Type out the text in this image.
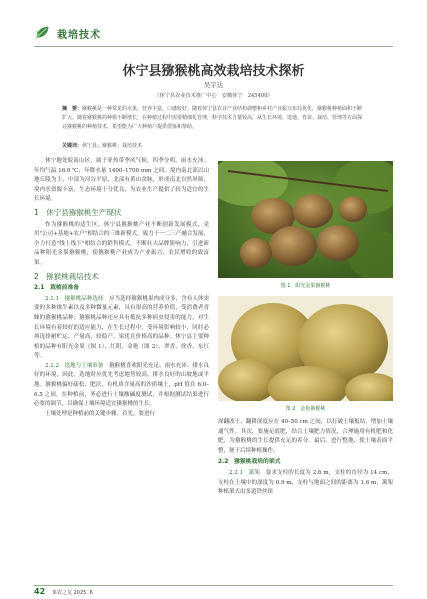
栽培技术
休宁县猕猴桃高效栽培技术探析
吴宇达
（休宁县农业技术推广中心　安徽休宁　245400）
摘　要：猕猴桃是一种常见的水果，营养丰富，口感较好。随着休宁县农业产业结构调整和乡村产业振兴布局优化，猕猴桃种植面积不断扩大。随着猕猴桃的种植不断增长，在种植过程中需要精细化管理，科学技术含量较高，从生长环境、选地、育苗、栽培、管理等方面探讨猕猴桃的种植技术，希望能为广大种植户提供借鉴和帮助。
关键词：休宁县；猕猴桃；栽培技术

休宁地处皖南山区，属于亚热带季风气候，四季分明，雨水充沛。年均气温 16.0 ℃，年降水量 1400–1700 mm 之间。境内南北部以山地丘陵为主，中部为河谷平原，北部有黄山余脉，形成南北自然屏障，境内水资源丰富，生态环境十分优良，为农业生产提供了较为适宜的生长环境。

1　休宁县猕猴桃生产现状

作为猕猴桃的适生区，休宁县猕猴桃产业不断创新发展模式，采用"公司+基地+农户"相结合的三维新模式，致力于一二三产融合发展，全力打造"线上线下"相结合的销售模式，不断壮大品牌影响力，引进新品种阳光金果猕猴桃，使猕猴桃产业成为产业振兴、农民增收的致富果。

2　猕猴桃栽培技术
2.1　栽植前准备

2.1.1　猕猴桃品种选择　 应当选择猕猴桃果肉成分多，含有人体需要的多种维生素以及多种微量元素，具有很高的营养价值，受消费者青睐的猕猴桃品种；猕猴桃品种还应具有抵抗多种病虫侵害的能力，对生长环境有着较好的适应能力，在生长过程中，受环境影响较小；同时必须选择耐贮运、产量高、较稳产、果优且价格高的品种。休宁县主要种植的品种有阳光金果（图 1）、红阳、金艳（图 2）、翠香、徐香、东红等。

2.1.2　选地与土壤准备　 猕猴桃喜欢阳光充足、雨水充沛、排水良好的环境。因此，选地时应优先考虑地势较高、排水良好的山坡地或平地。猕猴桃偏好疏松、肥沃、有机质含量高的沙质壤土，pH 值在 6.0–6.5 之间。在种植前，务必进行土壤酸碱度测试，并根据测试结果进行必要的调节，以确保土壤环境适宜猕猴桃的生长。

土壤处理是种植前的关键步骤。首先，要进行

图 1　阳光金果猕猴桃
图 2　金艳猕猴桃

深翻改土，翻耕深度应在 40–50 cm 之间，以打破土壤板结，增加土壤通气性。其次，要施足底肥，结合土壤肥力情况，合理施用有机肥和化肥，为猕猴桃的生长提供充足的养分。最后，进行整地，使土壤表面平整，便于后续种植操作。

2.2　猕猴桃栽培的架式

2.2.1　篱架　 要求支柱的长度为 2.6 m，支柱的直径为 14 cm，支柱在土壤中的深度为 0.9 m，支柱与地面之间的距离为 1.6 m，篱架种植架式由多道铁丝组

42 果农之友 2025. 6
